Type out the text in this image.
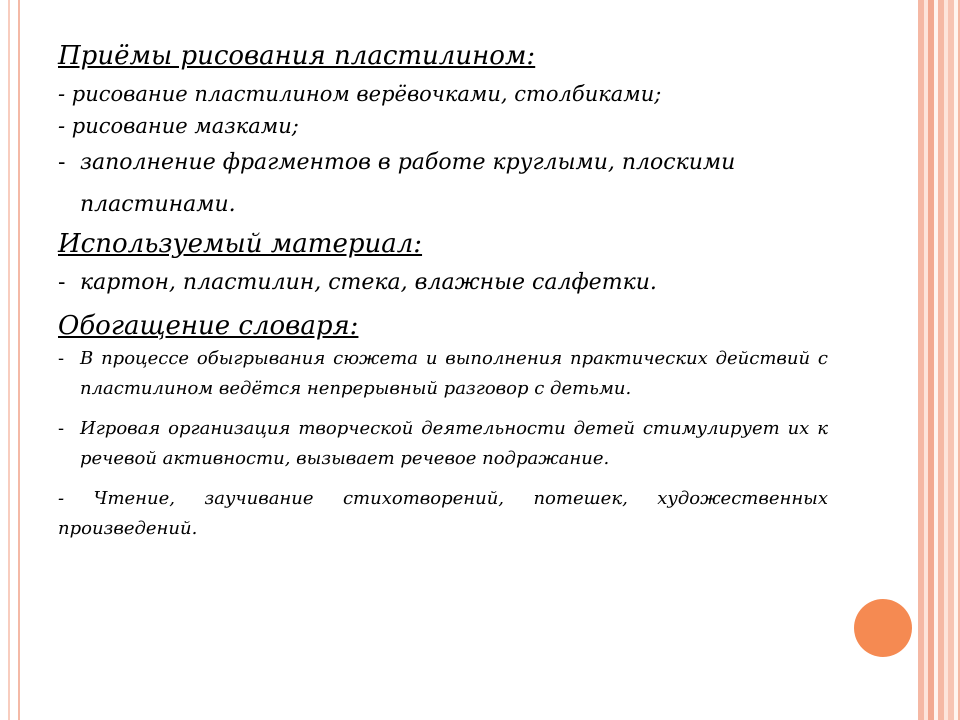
Приёмы рисования пластилином:

- рисование пластилином верёвочками, столбиками;

- рисование мазками;

- заполнение фрагментов в работе круглыми, плоскими пластинами.

Используемый материал:

- картон, пластилин, стека, влажные салфетки.

Обогащение словаря:

- В процессе обыгрывания сюжета и выполнения практических действий с пластилином ведётся непрерывный разговор с детьми.
- Игровая организация творческой деятельности детей стимулирует их к речевой активности, вызывает речевое подражание.

- Чтение, заучивание стихотворений, потешек, художественных произведений.
